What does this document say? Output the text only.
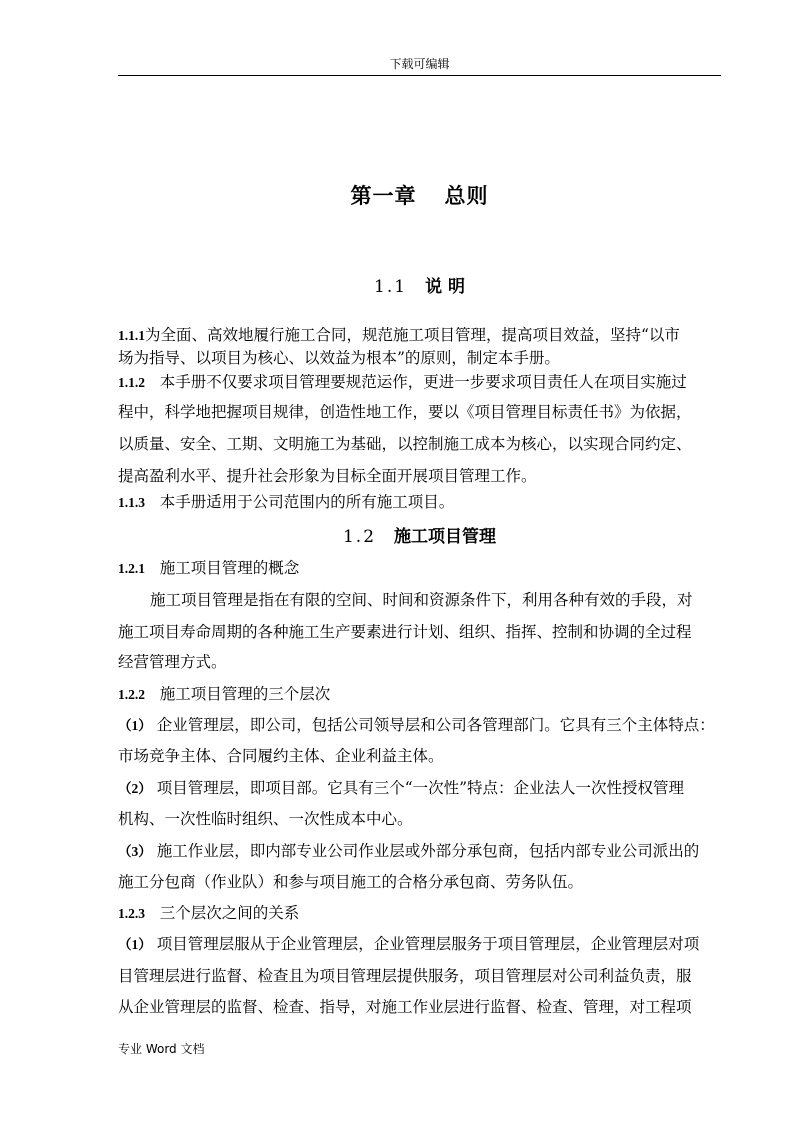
下载可编辑
第一章 总则
1.1 说 明
1.1.1为全面、高效地履行施工合同，规范施工项目管理，提高项目效益，坚持“以市
场为指导、以项目为核心、以效益为根本”的原则，制定本手册。
1.1.2 本手册不仅要求项目管理要规范运作，更进一步要求项目责任人在项目实施过
程中，科学地把握项目规律，创造性地工作，要以《项目管理目标责任书》为依据，
以质量、安全、工期、文明施工为基础，以控制施工成本为核心，以实现合同约定、
提高盈利水平、提升社会形象为目标全面开展项目管理工作。
1.1.3 本手册适用于公司范围内的所有施工项目。
1.2 施工项目管理
1.2.1 施工项目管理的概念
施工项目管理是指在有限的空间、时间和资源条件下，利用各种有效的手段，对
施工项目寿命周期的各种施工生产要素进行计划、组织、指挥、控制和协调的全过程
经营管理方式。
1.2.2 施工项目管理的三个层次
（1） 企业管理层，即公司，包括公司领导层和公司各管理部门。它具有三个主体特点：
市场竞争主体、合同履约主体、企业利益主体。
（2） 项目管理层，即项目部。它具有三个“一次性”特点：企业法人一次性授权管理
机构、一次性临时组织、一次性成本中心。
（3） 施工作业层，即内部专业公司作业层或外部分承包商，包括内部专业公司派出的
施工分包商（作业队）和参与项目施工的合格分承包商、劳务队伍。
1.2.3 三个层次之间的关系
（1） 项目管理层服从于企业管理层，企业管理层服务于项目管理层，企业管理层对项
目管理层进行监督、检查且为项目管理层提供服务，项目管理层对公司利益负责，服
从企业管理层的监督、检查、指导，对施工作业层进行监督、检查、管理，对工程项
专业 Word 文档
